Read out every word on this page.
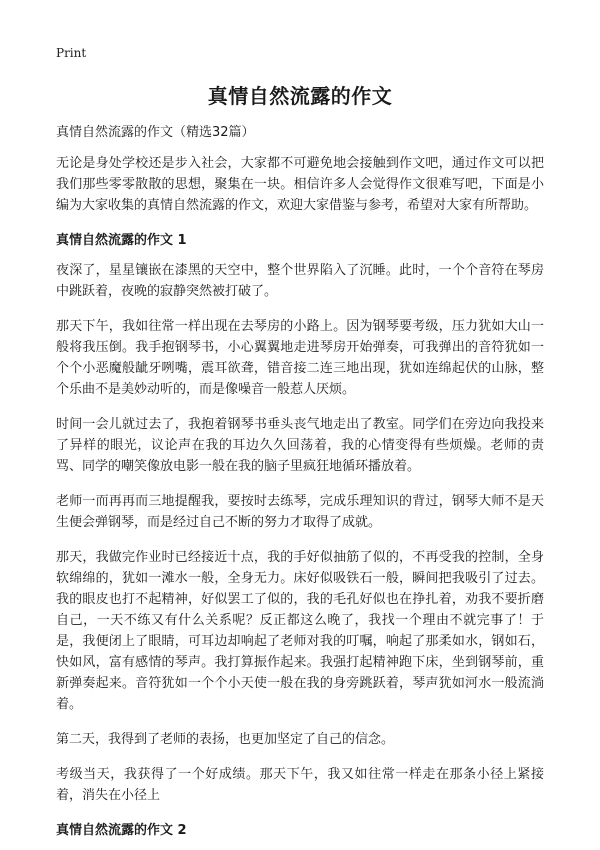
Print
真情自然流露的作文

真情自然流露的作文（精选32篇）

无论是身处学校还是步入社会，大家都不可避免地会接触到作文吧，通过作文可以把我们那些零零散散的思想，聚集在一块。相信许多人会觉得作文很难写吧，下面是小编为大家收集的真情自然流露的作文，欢迎大家借鉴与参考，希望对大家有所帮助。

真情自然流露的作文 1

夜深了，星星镶嵌在漆黑的天空中，整个世界陷入了沉睡。此时，一个个音符在琴房中跳跃着，夜晚的寂静突然被打破了。

那天下午，我如往常一样出现在去琴房的小路上。因为钢琴要考级，压力犹如大山一般将我压倒。我手抱钢琴书，小心翼翼地走进琴房开始弹奏，可我弹出的音符犹如一个个小恶魔般龇牙咧嘴，震耳欲聋，错音接二连三地出现，犹如连绵起伏的山脉，整个乐曲不是美妙动听的，而是像噪音一般惹人厌烦。

时间一会儿就过去了，我抱着钢琴书垂头丧气地走出了教室。同学们在旁边向我投来了异样的眼光，议论声在我的耳边久久回荡着，我的心情变得有些烦燥。老师的责骂、同学的嘲笑像放电影一般在我的脑子里疯狂地循环播放着。

老师一而再再而三地提醒我，要按时去练琴，完成乐理知识的背过，钢琴大师不是天生便会弹钢琴，而是经过自己不断的努力才取得了成就。

那天，我做完作业时已经接近十点，我的手好似抽筋了似的，不再受我的控制，全身软绵绵的，犹如一滩水一般，全身无力。床好似吸铁石一般，瞬间把我吸引了过去。我的眼皮也打不起精神，好似罢工了似的，我的毛孔好似也在挣扎着，劝我不要折磨自己，一天不练又有什么关系呢？反正都这么晚了，我找一个理由不就完事了！于是，我便闭上了眼睛，可耳边却响起了老师对我的叮嘱，响起了那柔如水，钢如石，快如风，富有感情的琴声。我打算振作起来。我强打起精神跑下床，坐到钢琴前，重新弹奏起来。音符犹如一个个小天使一般在我的身旁跳跃着，琴声犹如河水一般流淌着。

第二天，我得到了老师的表扬，也更加坚定了自己的信念。

考级当天，我获得了一个好成绩。那天下午，我又如往常一样走在那条小径上紧接着，消失在小径上

真情自然流露的作文 2
